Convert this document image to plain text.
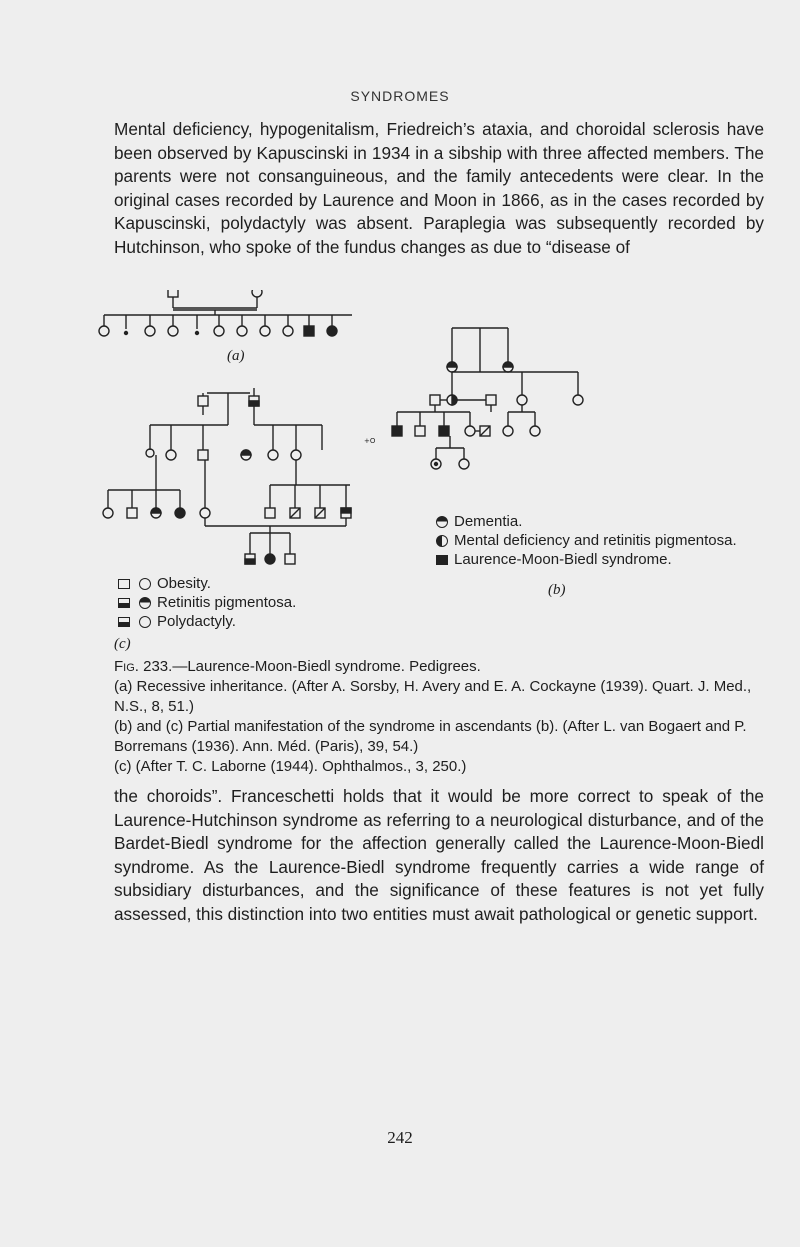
SYNDROMES
Mental deficiency, hypogenitalism, Friedreich’s ataxia, and choroidal sclerosis have been observed by Kapuscinski in 1934 in a sibship with three affected members. The parents were not consanguineous, and the family antecedents were clear. In the original cases recorded by Laurence and Moon in 1866, as in the cases recorded by Kapuscinski, polydactyly was absent. Paraplegia was subsequently recorded by Hutchinson, who spoke of the fundus changes as due to “disease of
+O
(a)
Dementia.
Mental deficiency and retinitis pigmentosa.
Laurence-Moon-Biedl syndrome.
(b)
Obesity.
Retinitis pigmentosa.
Polydactyly.
(c)
Fig. 233.—Laurence-Moon-Biedl syndrome. Pedigrees.
(a) Recessive inheritance. (After A. Sorsby, H. Avery and E. A. Cockayne (1939). Quart. J. Med., N.S., 8, 51.)
(b) and (c) Partial manifestation of the syndrome in ascendants (b). (After L. van Bogaert and P. Borremans (1936). Ann. Méd. (Paris), 39, 54.)
(c) (After T. C. Laborne (1944). Ophthalmos., 3, 250.)
the choroids”. Franceschetti holds that it would be more correct to speak of the Laurence-Hutchinson syndrome as referring to a neurological disturbance, and of the Bardet-Biedl syndrome for the affection generally called the Laurence-Moon-Biedl syndrome. As the Laurence-Biedl syndrome frequently carries a wide range of subsidiary disturbances, and the significance of these features is not yet fully assessed, this distinction into two entities must await pathological or genetic support.
242
